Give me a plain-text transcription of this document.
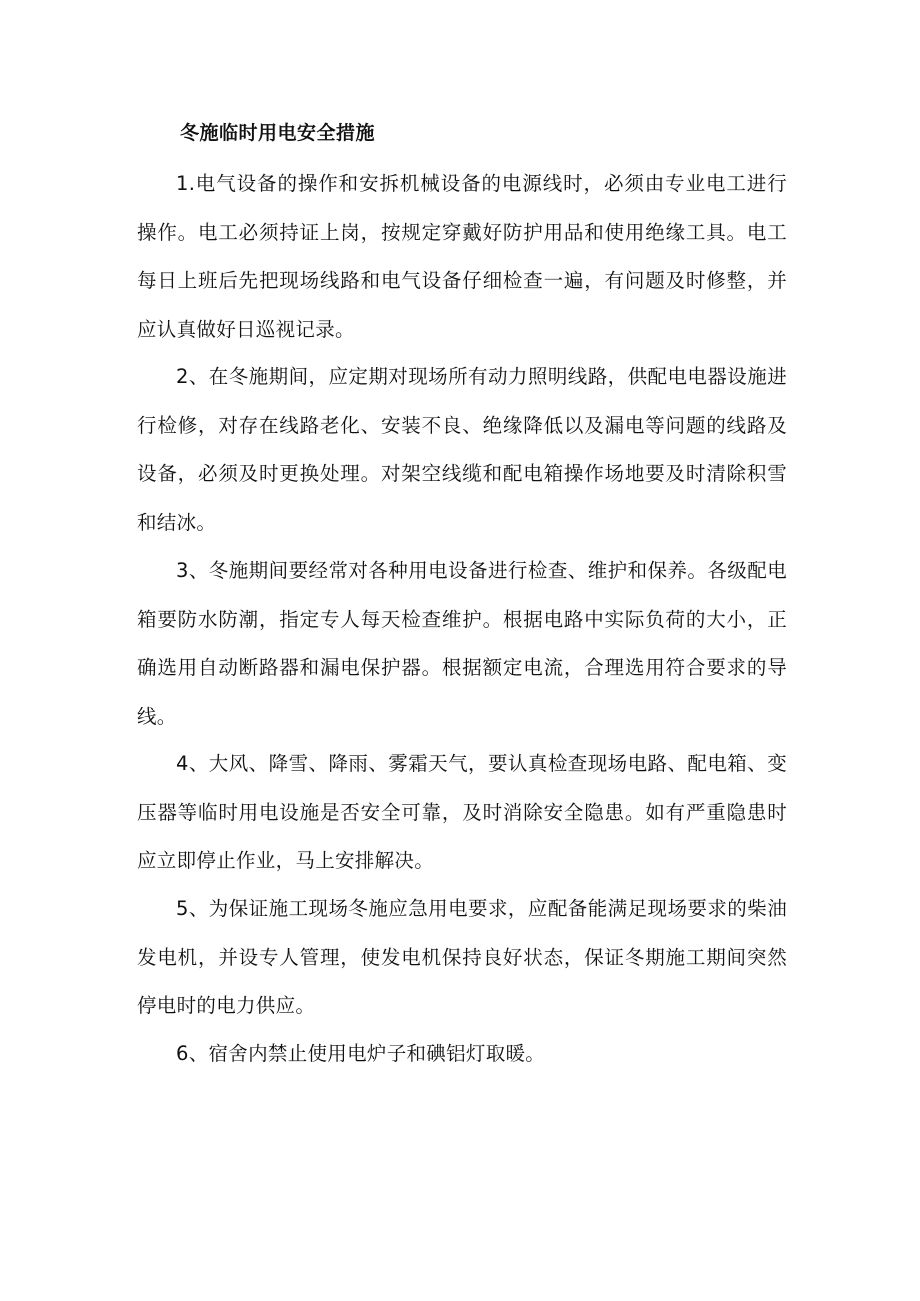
冬施临时用电安全措施

1.电气设备的操作和安拆机械设备的电源线时，必须由专业电工进行操作。电工必须持证上岗，按规定穿戴好防护用品和使用绝缘工具。电工每日上班后先把现场线路和电气设备仔细检查一遍，有问题及时修整，并应认真做好日巡视记录。

2、在冬施期间，应定期对现场所有动力照明线路，供配电电器设施进行检修，对存在线路老化、安装不良、绝缘降低以及漏电等问题的线路及设备，必须及时更换处理。对架空线缆和配电箱操作场地要及时清除积雪和结冰。

3、冬施期间要经常对各种用电设备进行检查、维护和保养。各级配电箱要防水防潮，指定专人每天检查维护。根据电路中实际负荷的大小，正确选用自动断路器和漏电保护器。根据额定电流，合理选用符合要求的导线。

4、大风、降雪、降雨、雾霜天气，要认真检查现场电路、配电箱、变压器等临时用电设施是否安全可靠，及时消除安全隐患。如有严重隐患时应立即停止作业，马上安排解决。

5、为保证施工现场冬施应急用电要求，应配备能满足现场要求的柴油发电机，并设专人管理，使发电机保持良好状态，保证冬期施工期间突然停电时的电力供应。

6、宿舍内禁止使用电炉子和碘铝灯取暖。
